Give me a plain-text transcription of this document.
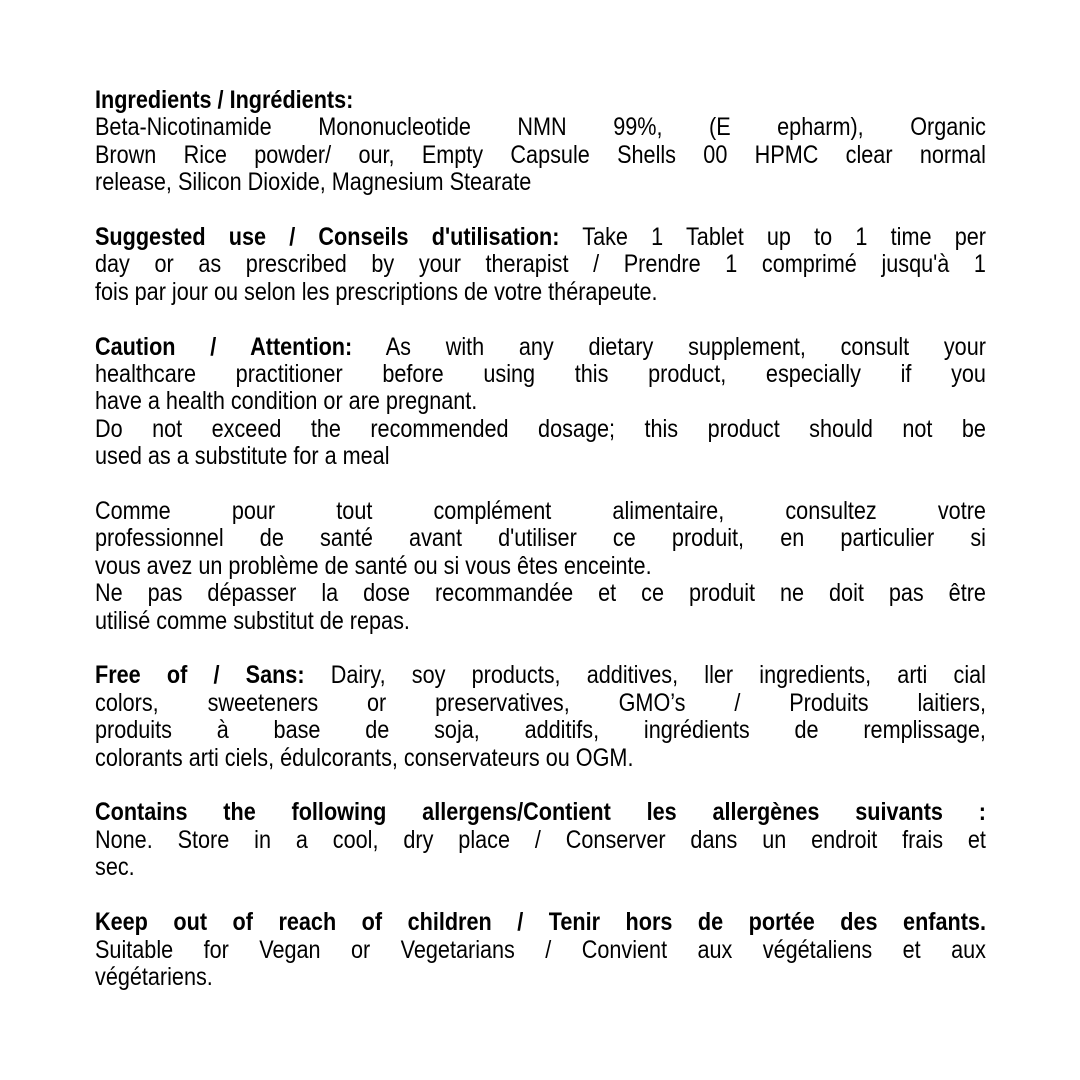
Ingredients / Ingrédients:
Beta-Nicotinamide Mononucleotide NMN 99%, (E epharm), Organic
Brown Rice powder/ our, Empty Capsule Shells 00 HPMC clear normal
release, Silicon Dioxide, Magnesium Stearate
Suggested use / Conseils d'utilisation: Take 1 Tablet up to 1 time per
day or as prescribed by your therapist / Prendre 1 comprimé jusqu'à 1
fois par jour ou selon les prescriptions de votre thérapeute.
Caution / Attention: As with any dietary supplement, consult your
healthcare practitioner before using this product, especially if you
have a health condition or are pregnant.
Do not exceed the recommended dosage; this product should not be
used as a substitute for a meal
Comme pour tout complément alimentaire, consultez votre
professionnel de santé avant d'utiliser ce produit, en particulier si
vous avez un problème de santé ou si vous êtes enceinte.
Ne pas dépasser la dose recommandée et ce produit ne doit pas être
utilisé comme substitut de repas.
Free of / Sans: Dairy, soy products, additives, ller ingredients, arti cial
colors, sweeteners or preservatives, GMO’s / Produits laitiers,
produits à base de soja, additifs, ingrédients de remplissage,
colorants arti ciels, édulcorants, conservateurs ou OGM.
Contains the following allergens/Contient les allergènes suivants :
None. Store in a cool, dry place / Conserver dans un endroit frais et
sec.
Keep out of reach of children / Tenir hors de portée des enfants.
Suitable for Vegan or Vegetarians / Convient aux végétaliens et aux
végétariens.
